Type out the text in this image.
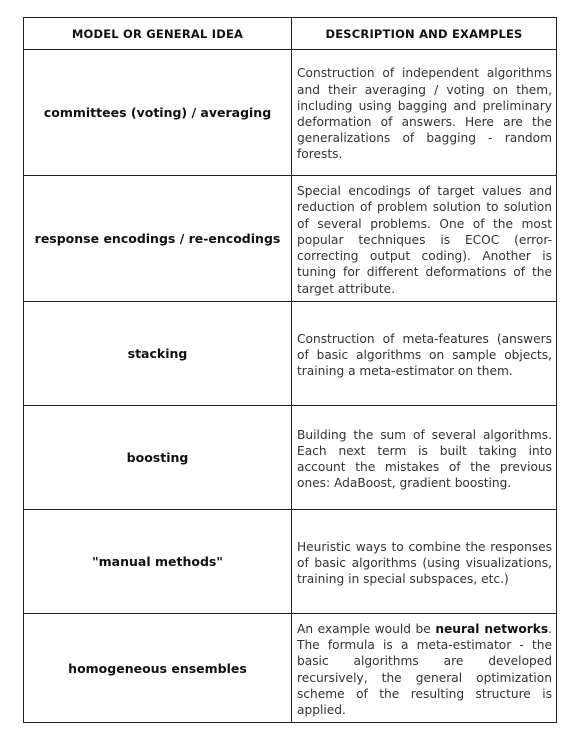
MODEL OR GENERAL IDEA	DESCRIPTION AND EXAMPLES
committees (voting) / averaging	Construction of independent algorithms and their averaging / voting on them, including using bagging and preliminary deformation of answers. Here are the generalizations of bagging - random forests.
response encodings / re-encodings	Special encodings of target values and reduction of problem solution to solution of several problems. One of the most popular techniques is ECOC (error-correcting output coding). Another is tuning for different deformations of the target attribute.
stacking	Construction of meta-features (answers of basic algorithms on sample objects, training a meta-estimator on them.
boosting	Building the sum of several algorithms. Each next term is built taking into account the mistakes of the previous ones: AdaBoost, gradient boosting.
"manual methods"	Heuristic ways to combine the responses of basic algorithms (using visualizations, training in special subspaces, etc.)
homogeneous ensembles	An example would be neural networks. The formula is a meta-estimator - the basic algorithms are developed recursively, the general optimization scheme of the resulting structure is applied.
